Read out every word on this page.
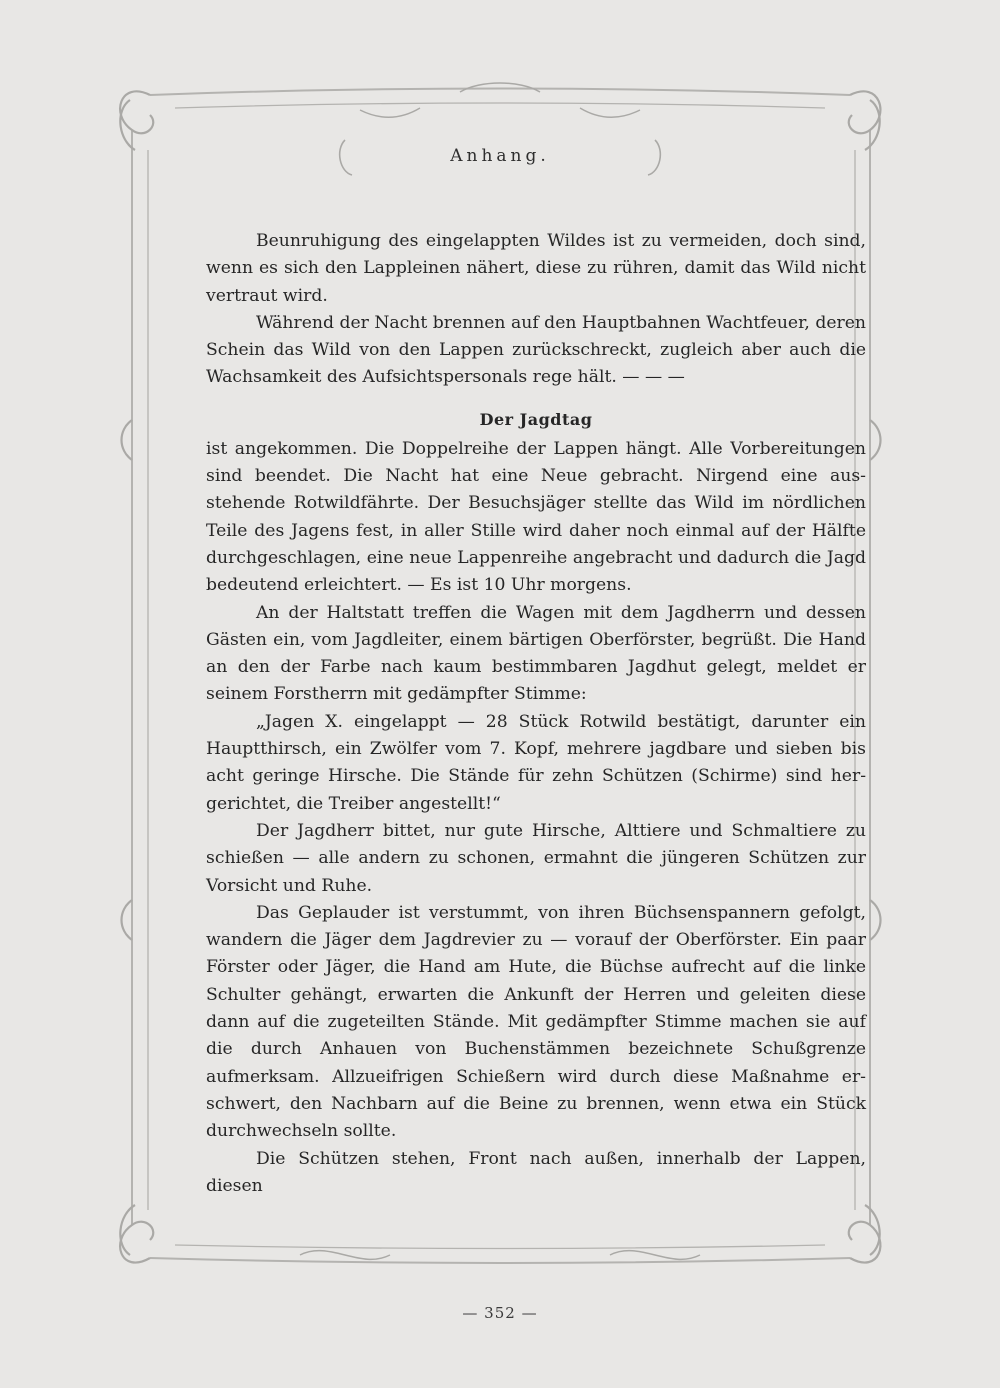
Anhang.

Beunruhigung des eingelappten Wildes ist zu vermeiden, doch sind, wenn es sich den Lappleinen nähert, diese zu rühren, damit das Wild nicht vertraut wird.

Während der Nacht brennen auf den Hauptbahnen Wachtfeuer, deren Schein das Wild von den Lappen zurückschreckt, zugleich aber auch die Wachsamkeit des Aufsichtspersonals rege hält. — — —

Der Jagdtag

ist angekommen. Die Doppelreihe der Lappen hängt. Alle Vorbereitungen sind beendet. Die Nacht hat eine Neue gebracht. Nirgend eine aus- stehende Rotwildfährte. Der Besuchsjäger stellte das Wild im nördlichen Teile des Jagens fest, in aller Stille wird daher noch einmal auf der Hälfte durchgeschlagen, eine neue Lappenreihe angebracht und dadurch die Jagd bedeutend erleichtert. — Es ist 10 Uhr morgens.

An der Haltstatt treffen die Wagen mit dem Jagdherrn und dessen Gästen ein, vom Jagdleiter, einem bärtigen Oberförster, begrüßt. Die Hand an den der Farbe nach kaum bestimmbaren Jagdhut gelegt, meldet er seinem Forstherrn mit gedämpfter Stimme:

„Jagen X. eingelappt — 28 Stück Rotwild bestätigt, darunter ein Hauptthirsch, ein Zwölfer vom 7. Kopf, mehrere jagdbare und sieben bis acht geringe Hirsche. Die Stände für zehn Schützen (Schirme) sind her- gerichtet, die Treiber angestellt!“

Der Jagdherr bittet, nur gute Hirsche, Alttiere und Schmaltiere zu schießen — alle andern zu schonen, ermahnt die jüngeren Schützen zur Vorsicht und Ruhe.

Das Geplauder ist verstummt, von ihren Büchsenspannern gefolgt, wandern die Jäger dem Jagdrevier zu — vorauf der Oberförster. Ein paar Förster oder Jäger, die Hand am Hute, die Büchse aufrecht auf die linke Schulter gehängt, erwarten die Ankunft der Herren und geleiten diese dann auf die zugeteilten Stände. Mit gedämpfter Stimme machen sie auf die durch Anhauen von Buchenstämmen bezeichnete Schußgrenze aufmerksam. Allzueifrigen Schießern wird durch diese Maßnahme er- schwert, den Nachbarn auf die Beine zu brennen, wenn etwa ein Stück durchwechseln sollte.

Die Schützen stehen, Front nach außen, innerhalb der Lappen, diesen

— 352 —
